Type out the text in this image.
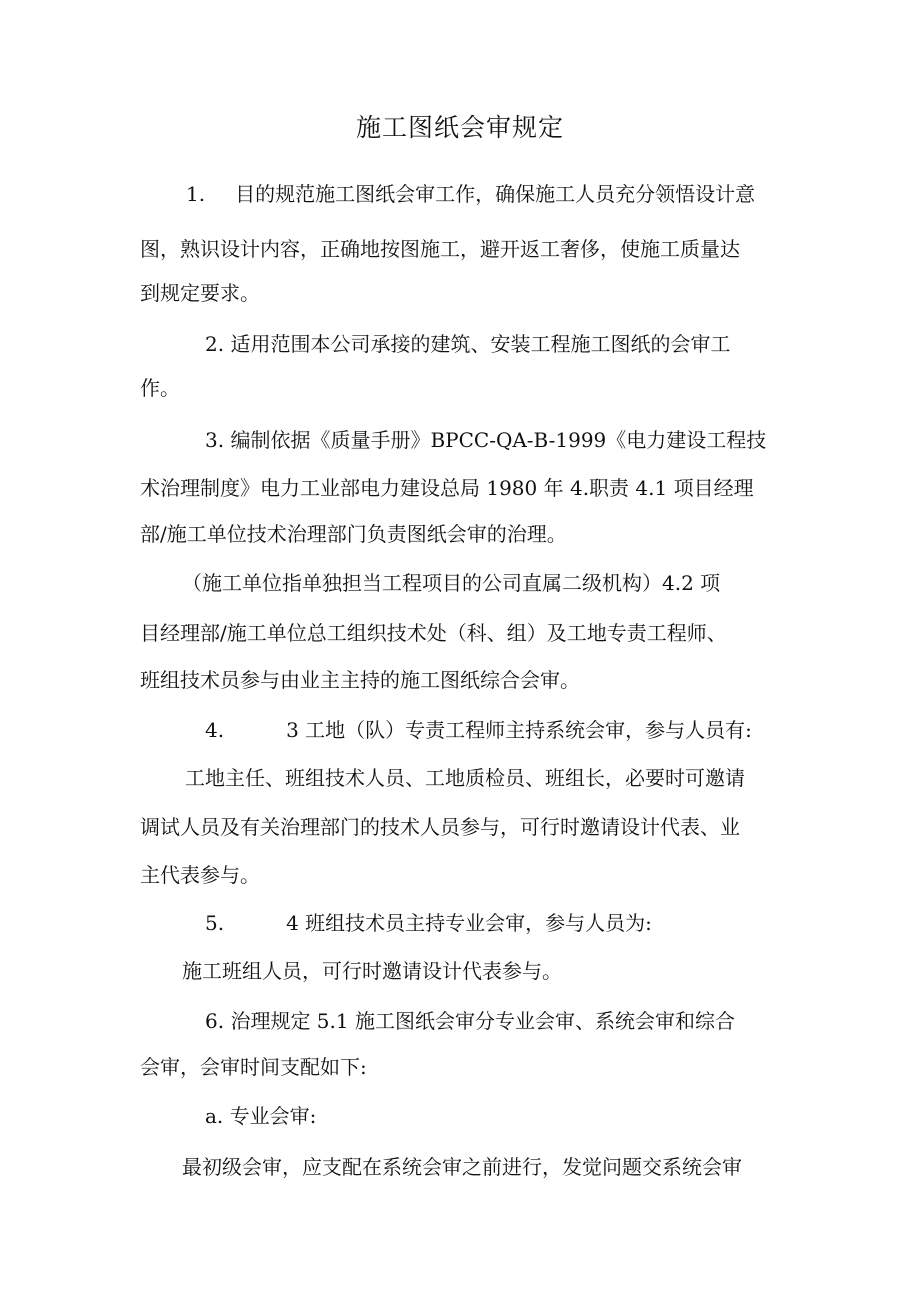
施工图纸会审规定
1. 目的规范施工图纸会审工作，确保施工人员充分领悟设计意
图，熟识设计内容，正确地按图施工，避开返工奢侈，使施工质量达
到规定要求。
2. 适用范围本公司承接的建筑、安装工程施工图纸的会审工
作。
3. 编制依据《质量手册》BPCC-QA-B-1999《电力建设工程技
术治理制度》电力工业部电力建设总局 1980 年 4.职责 4.1 项目经理
部/施工单位技术治理部门负责图纸会审的治理。
（施工单位指单独担当工程项目的公司直属二级机构）4.2 项
目经理部/施工单位总工组织技术处（科、组）及工地专责工程师、
班组技术员参与由业主主持的施工图纸综合会审。
4.	3 工地（队）专责工程师主持系统会审，参与人员有:
工地主任、班组技术人员、工地质检员、班组长，必要时可邀请
调试人员及有关治理部门的技术人员参与，可行时邀请设计代表、业
主代表参与。
5.	4 班组技术员主持专业会审，参与人员为:
施工班组人员，可行时邀请设计代表参与。
6. 治理规定 5.1 施工图纸会审分专业会审、系统会审和综合
会审，会审时间支配如下:
a. 专业会审:
最初级会审，应支配在系统会审之前进行，发觉问题交系统会审
